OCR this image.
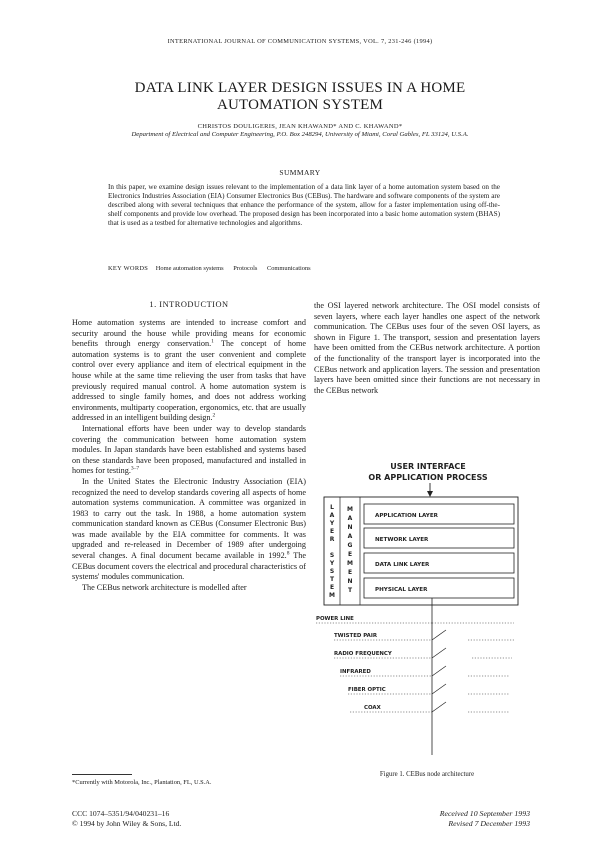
INTERNATIONAL JOURNAL OF COMMUNICATION SYSTEMS, VOL. 7, 231-246 (1994)
DATA LINK LAYER DESIGN ISSUES IN A HOME
AUTOMATION SYSTEM
CHRISTOS DOULIGERIS, JEAN KHAWAND* AND C. KHAWAND*
Department of Electrical and Computer Engineering, P.O. Box 248294, University of Miami, Coral Gables, FL 33124, U.S.A.
SUMMARY
In this paper, we examine design issues relevant to the implementation of a data link layer of a home automation system based on the Electronics Industries Association (EIA) Consumer Electronics Bus (CEBus). The hardware and software components of the system are described along with several techniques that enhance the performance of the system, allow for a faster implementation using off-the-shelf components and provide low overhead. The proposed design has been incorporated into a basic home automation system (BHAS) that is used as a testbed for alternative technologies and algorithms.
KEY WORDS Home automation systems Protocols Communications
1. INTRODUCTION

Home automation systems are intended to increase comfort and security around the house while providing means for economic benefits through energy conservation.$^1$ The concept of home automation systems is to grant the user convenient and complete control over every appliance and item of electrical equipment in the house while at the same time relieving the user from tasks that have previously required manual control. A home automation system is addressed to single family homes, and does not address working environments, multiparty cooperation, ergonomics, etc. that are usually addressed in an intelligent building design.$^2$

International efforts have been under way to develop standards covering the communication between home automation system modules. In Japan standards have been established and systems based on these standards have been proposed, manufactured and installed in homes for testing.$^{3-7}$

In the United States the Electronic Industry Association (EIA) recognized the need to develop standards covering all aspects of home automation systems communication. A committee was organized in 1983 to carry out the task. In 1988, a home automation system communication standard known as CEBus (Consumer Electronic Bus) was made available by the EIA committee for comments. It was upgraded and re-released in December of 1989 after undergoing several changes. A final document became available in 1992.$^8$ The CEBus document covers the electrical and procedural characteristics of systems' modules communication.

The CEBus network architecture is modelled after

the OSI layered network architecture. The OSI model consists of seven layers, where each layer handles one aspect of the network communication. The CEBus uses four of the seven OSI layers, as shown in Figure 1. The transport, session and presentation layers have been omitted from the CEBus network architecture. A portion of the functionality of the transport layer is incorporated into the CEBus network and application layers. The session and presentation layers have been omitted since their functions are not necessary in the CEBus network

USER INTERFACE
OR APPLICATION PROCESS
APPLICATION LAYER
NETWORK LAYER
DATA LINK LAYER
PHYSICAL LAYER
L
A
Y
E
R
S
Y
S
T
E
M
M
A
N
A
G
E
M
E
N
T
POWER LINE
TWISTED PAIR
RADIO FREQUENCY
INFRARED
FIBER OPTIC
COAX
Figure 1. CEBus node architecture
*Currently with Motorola, Inc., Plantation, FL, U.S.A.
CCC 1074–5351/94/040231–16
© 1994 by John Wiley & Sons, Ltd.
Received 10 September 1993
Revised 7 December 1993
